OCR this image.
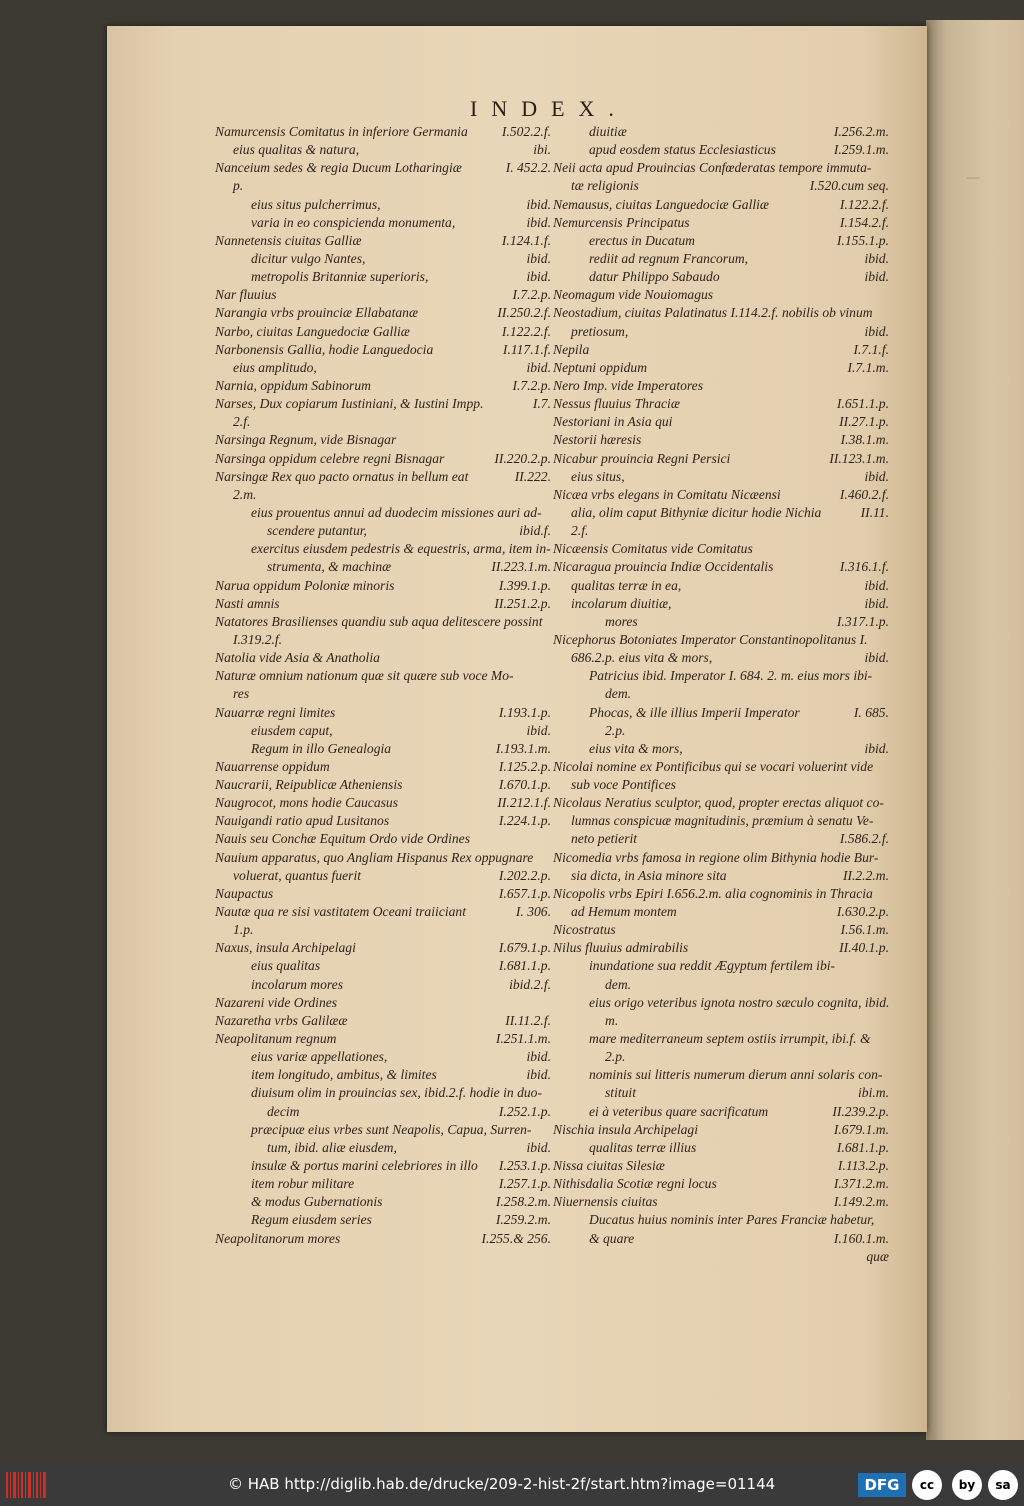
—
INDEX.
Namurcensis Comitatus in inferiore Germania	I.502.2.f.
eius qualitas & natura,	ibi.
Nanceium sedes & regia Ducum Lotharingiæ	I. 452.2.
p.
eius situs pulcherrimus,	ibid.
varia in eo conspicienda monumenta,	ibid.
Nannetensis ciuitas Galliæ	I.124.1.f.
dicitur vulgo Nantes,	ibid.
metropolis Britanniæ superioris,	ibid.
Nar fluuius	I.7.2.p.
Narangia vrbs prouinciæ Ellabatanæ	II.250.2.f.
Narbo, ciuitas Languedociæ Galliæ	I.122.2.f.
Narbonensis Gallia, hodie Languedocia	I.117.1.f.
eius amplitudo,	ibid.
Narnia, oppidum Sabinorum	I.7.2.p.
Narses, Dux copiarum Iustiniani, & Iustini Impp.	I.7.
2.f.
Narsinga Regnum, vide Bisnagar
Narsinga oppidum celebre regni Bisnagar	II.220.2.p.
Narsingæ Rex quo pacto ornatus in bellum eat	II.222.
2.m.
eius prouentus annui ad duodecim missiones auri ad-
scendere putantur,	ibid.f.
exercitus eiusdem pedestris & equestris, arma, item in-
strumenta, & machinæ	II.223.1.m.
Narua oppidum Poloniæ minoris	I.399.1.p.
Nasti amnis	II.251.2.p.
Natatores Brasilienses quandiu sub aqua delitescere possint
I.319.2.f.
Natolia vide Asia & Anatholia
Naturæ omnium nationum quæ sit quære sub voce Mo-
res
Nauarræ regni limites	I.193.1.p.
eiusdem caput,	ibid.
Regum in illo Genealogia	I.193.1.m.
Nauarrense oppidum	I.125.2.p.
Naucrarii, Reipublicæ Atheniensis	I.670.1.p.
Naugrocot, mons hodie Caucasus	II.212.1.f.
Nauigandi ratio apud Lusitanos	I.224.1.p.
Nauis seu Conchæ Equitum Ordo vide Ordines
Nauium apparatus, quo Angliam Hispanus Rex oppugnare
voluerat, quantus fuerit	I.202.2.p.
Naupactus	I.657.1.p.
Nautæ qua re sisi vastitatem Oceani traiiciant	I. 306.
1.p.
Naxus, insula Archipelagi	I.679.1.p.
eius qualitas	I.681.1.p.
incolarum mores	ibid.2.f.
Nazareni vide Ordines
Nazaretha vrbs Galilææ	II.11.2.f.
Neapolitanum regnum	I.251.1.m.
eius variæ appellationes,	ibid.
item longitudo, ambitus, & limites	ibid.
diuisum olim in prouincias sex, ibid.2.f. hodie in duo-
decim	I.252.1.p.
præcipuæ eius vrbes sunt Neapolis, Capua, Surren-
tum, ibid. aliæ eiusdem,	ibid.
insulæ & portus marini celebriores in illo I.253.1.p.
item robur militare	I.257.1.p.
& modus Gubernationis	I.258.2.m.
Regum eiusdem series	I.259.2.m.
Neapolitanorum mores	I.255.& 256.
diuitiæ	I.256.2.m.
apud eosdem status Ecclesiasticus	I.259.1.m.
Neii acta apud Prouincias Confœderatas tempore immuta-
tæ religionis	I.520.cum seq.
Nemausus, ciuitas Languedociæ Galliæ	I.122.2.f.
Nemurcensis Principatus	I.154.2.f.
erectus in Ducatum	I.155.1.p.
rediit ad regnum Francorum,	ibid.
datur Philippo Sabaudo	ibid.
Neomagum vide Nouiomagus
Neostadium, ciuitas Palatinatus I.114.2.f. nobilis ob vinum
pretiosum,	ibid.
Nepila	I.7.1.f.
Neptuni oppidum	I.7.1.m.
Nero Imp. vide Imperatores
Nessus fluuius Thraciæ	I.651.1.p.
Nestoriani in Asia qui	II.27.1.p.
Nestorii hæresis	I.38.1.m.
Nicabur prouincia Regni Persici	II.123.1.m.
eius situs,	ibid.
Nicæa vrbs elegans in Comitatu Nicæensi	I.460.2.f.
alia, olim caput Bithyniæ dicitur hodie Nichia	II.11.
2.f.
Nicæensis Comitatus vide Comitatus
Nicaragua prouincia Indiæ Occidentalis	I.316.1.f.
qualitas terræ in ea,	ibid.
incolarum diuitiæ,	ibid.
mores	I.317.1.p.
Nicephorus Botoniates Imperator Constantinopolitanus I.
686.2.p. eius vita & mors,	ibid.
Patricius ibid. Imperator I. 684. 2. m. eius mors ibi-
dem.
Phocas, & ille illius Imperii Imperator	I. 685.
2.p.
eius vita & mors,	ibid.
Nicolai nomine ex Pontificibus qui se vocari voluerint vide
sub voce Pontifices
Nicolaus Neratius sculptor, quod, propter erectas aliquot co-
lumnas conspicuæ magnitudinis, præmium à senatu Ve-
neto petierit	I.586.2.f.
Nicomedia vrbs famosa in regione olim Bithynia hodie Bur-
sia dicta, in Asia minore sita	II.2.2.m.
Nicopolis vrbs Epiri I.656.2.m. alia cognominis in Thracia
ad Hemum montem	I.630.2.p.
Nicostratus	I.56.1.m.
Nilus fluuius admirabilis	II.40.1.p.
inundatione sua reddit Ægyptum fertilem ibi-
dem.
eius origo veteribus ignota nostro sæculo cognita, ibid.
m.
mare mediterraneum septem ostiis irrumpit, ibi.f. &
2.p.
nominis sui litteris numerum dierum anni solaris con-
stituit	ibi.m.
ei à veteribus quare sacrificatum	II.239.2.p.
Nischia insula Archipelagi	I.679.1.m.
qualitas terræ illius	I.681.1.p.
Nissa ciuitas Silesiæ	I.113.2.p.
Nithisdalia Scotiæ regni locus	I.371.2.m.
Niuernensis ciuitas	I.149.2.m.
Ducatus huius nominis inter Pares Franciæ habetur,
& quare	I.160.1.m.
quæ
© HAB http://diglib.hab.de/drucke/209-2-hist-2f/start.htm?image=01144	DFG	cc	by	sa
